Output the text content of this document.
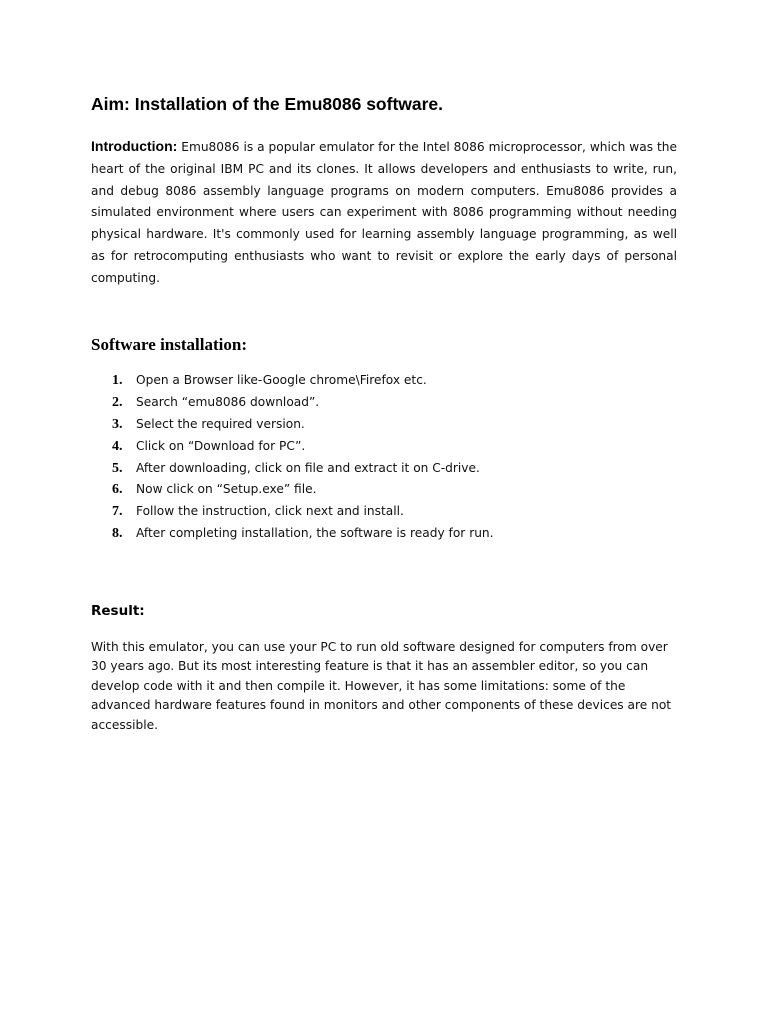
Aim: Installation of the Emu8086 software.

Introduction: Emu8086 is a popular emulator for the Intel 8086 microprocessor, which was the heart of the original IBM PC and its clones. It allows developers and enthusiasts to write, run, and debug 8086 assembly language programs on modern computers. Emu8086 provides a simulated environment where users can experiment with 8086 programming without needing physical hardware. It's commonly used for learning assembly language programming, as well as for retrocomputing enthusiasts who want to revisit or explore the early days of personal computing.

Software installation:
1.	Open a Browser like-Google chrome\Firefox etc.
2.	Search “emu8086 download”.
3.	Select the required version.
4.	Click on “Download for PC”.
5.	After downloading, click on file and extract it on C-drive.
6.	Now click on “Setup.exe” file.
7.	Follow the instruction, click next and install.
8.	After completing installation, the software is ready for run.
Result:

With this emulator, you can use your PC to run old software designed for computers from over
30 years ago. But its most interesting feature is that it has an assembler editor, so you can
develop code with it and then compile it. However, it has some limitations: some of the
advanced hardware features found in monitors and other components of these devices are not
accessible.
